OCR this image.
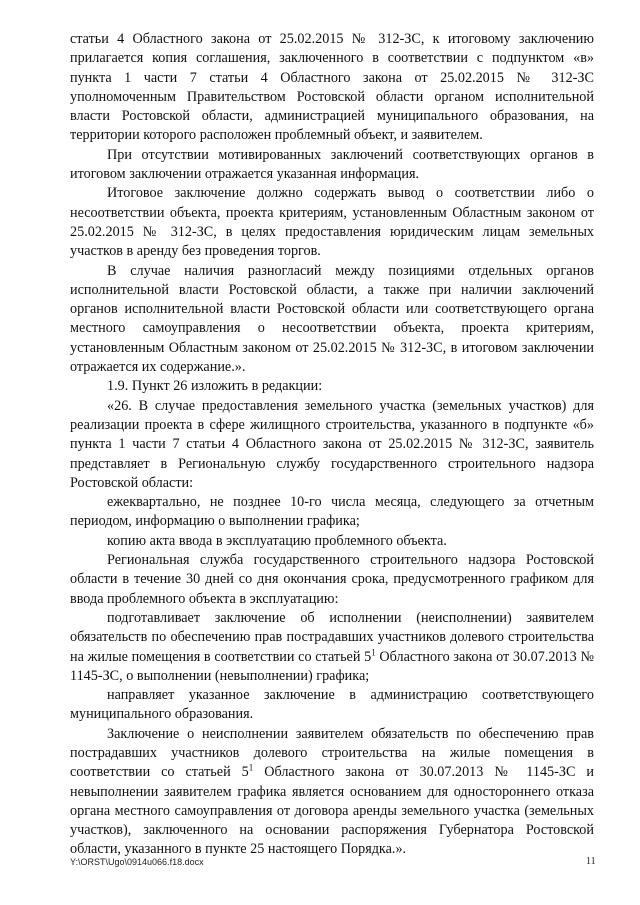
статьи 4 Областного закона от 25.02.2015 № 312-ЗС, к итоговому заключению прилагается копия соглашения, заключенного в соответствии с подпунктом «в» пункта 1 части 7 статьи 4 Областного закона от 25.02.2015 № 312-ЗС уполномоченным Правительством Ростовской области органом исполнительной власти Ростовской области, администрацией муниципального образования, на территории которого расположен проблемный объект, и заявителем.

При отсутствии мотивированных заключений соответствующих органов в итоговом заключении отражается указанная информация.

Итоговое заключение должно содержать вывод о соответствии либо о несоответствии объекта, проекта критериям, установленным Областным законом от 25.02.2015 № 312-ЗС, в целях предоставления юридическим лицам земельных участков в аренду без проведения торгов.

В случае наличия разногласий между позициями отдельных органов исполнительной власти Ростовской области, а также при наличии заключений органов исполнительной власти Ростовской области или соответствующего органа местного самоуправления о несоответствии объекта, проекта критериям, установленным Областным законом от 25.02.2015 № 312-ЗС, в итоговом заключении отражается их содержание.».

1.9. Пункт 26 изложить в редакции:

«26. В случае предоставления земельного участка (земельных участков) для реализации проекта в сфере жилищного строительства, указанного в подпункте «б» пункта 1 части 7 статьи 4 Областного закона от 25.02.2015 № 312-ЗС, заявитель представляет в Региональную службу государственного строительного надзора Ростовской области:

ежеквартально, не позднее 10-го числа месяца, следующего за отчетным периодом, информацию о выполнении графика;

копию акта ввода в эксплуатацию проблемного объекта.

Региональная служба государственного строительного надзора Ростовской области в течение 30 дней со дня окончания срока, предусмотренного графиком для ввода проблемного объекта в эксплуатацию:

подготавливает заключение об исполнении (неисполнении) заявителем обязательств по обеспечению прав пострадавших участников долевого строительства на жилые помещения в соответствии со статьей $5^1$ Областного закона от 30.07.2013 № 1145-ЗС, о выполнении (невыполнении) графика;

направляет указанное заключение в администрацию соответствующего муниципального образования.

Заключение о неисполнении заявителем обязательств по обеспечению прав пострадавших участников долевого строительства на жилые помещения в соответствии со статьей $5^1$ Областного закона от 30.07.2013 № 1145-ЗС и невыполнении заявителем графика является основанием для одностороннего отказа органа местного самоуправления от договора аренды земельного участка (земельных участков), заключенного на основании распоряжения Губернатора Ростовской области, указанного в пункте 25 настоящего Порядка.».

Y:\ORST\Ugo\0914u066.f18.docx	11
